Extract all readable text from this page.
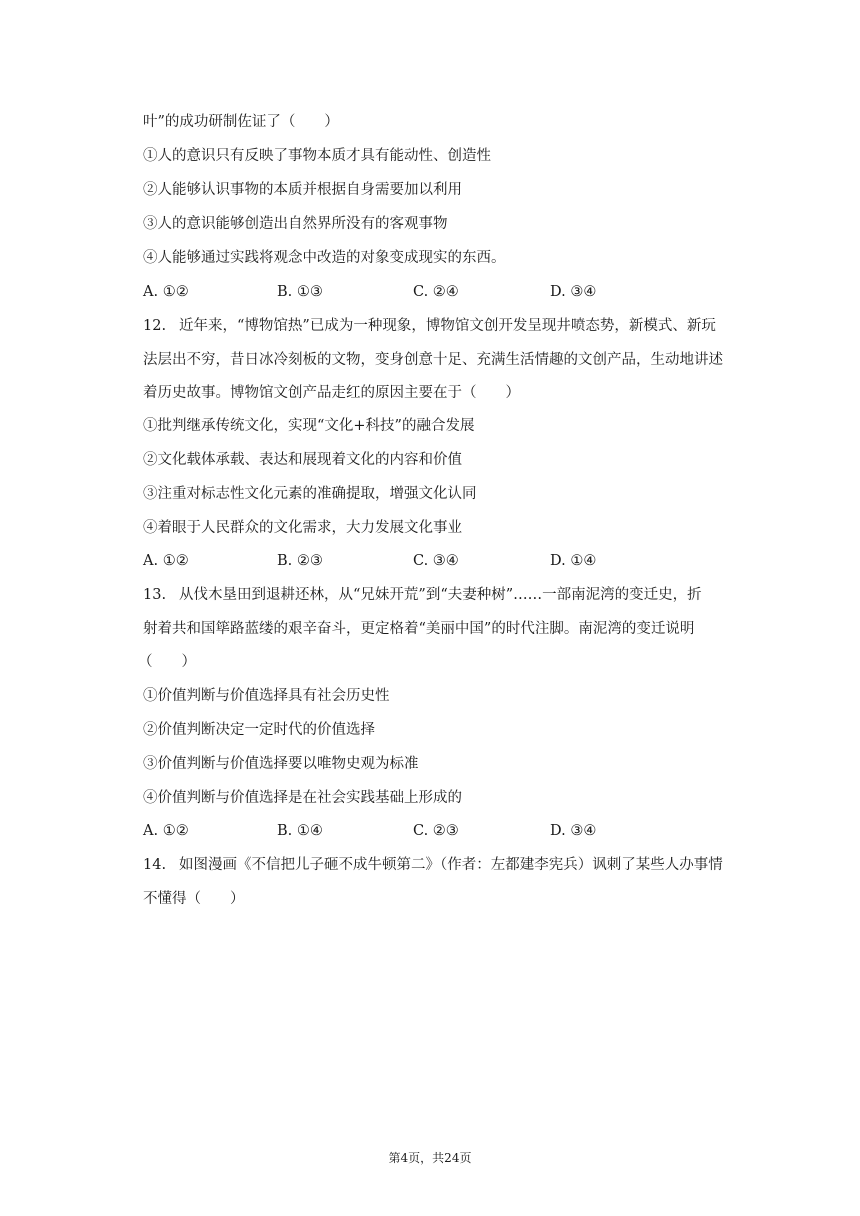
叶”的成功研制佐证了（　　）
①人的意识只有反映了事物本质才具有能动性、创造性
②人能够认识事物的本质并根据自身需要加以利用
③人的意识能够创造出自然界所没有的客观事物
④人能够通过实践将观念中改造的对象变成现实的东西。
A. ①②	B. ①③	C. ②④	D. ③④
12. 近年来，“博物馆热”已成为一种现象，博物馆文创开发呈现井喷态势，新模式、新玩
法层出不穷，昔日冰冷刻板的文物，变身创意十足、充满生活情趣的文创产品，生动地讲述
着历史故事。博物馆文创产品走红的原因主要在于（　　）
①批判继承传统文化，实现“文化+科技”的融合发展
②文化载体承载、表达和展现着文化的内容和价值
③注重对标志性文化元素的准确提取，增强文化认同
④着眼于人民群众的文化需求，大力发展文化事业
A. ①②	B. ②③	C. ③④	D. ①④
13. 从伐木垦田到退耕还林，从“兄妹开荒”到“夫妻种树”……一部南泥湾的变迁史，折
射着共和国筚路蓝缕的艰辛奋斗，更定格着“美丽中国”的时代注脚。南泥湾的变迁说明
（　　）
①价值判断与价值选择具有社会历史性
②价值判断决定一定时代的价值选择
③价值判断与价值选择要以唯物史观为标准
④价值判断与价值选择是在社会实践基础上形成的
A. ①②	B. ①④	C. ②③	D. ③④
14. 如图漫画《不信把儿子砸不成牛顿第二》（作者：左都建李宪兵）讽刺了某些人办事情
不懂得（　　）
第4页，共24页
